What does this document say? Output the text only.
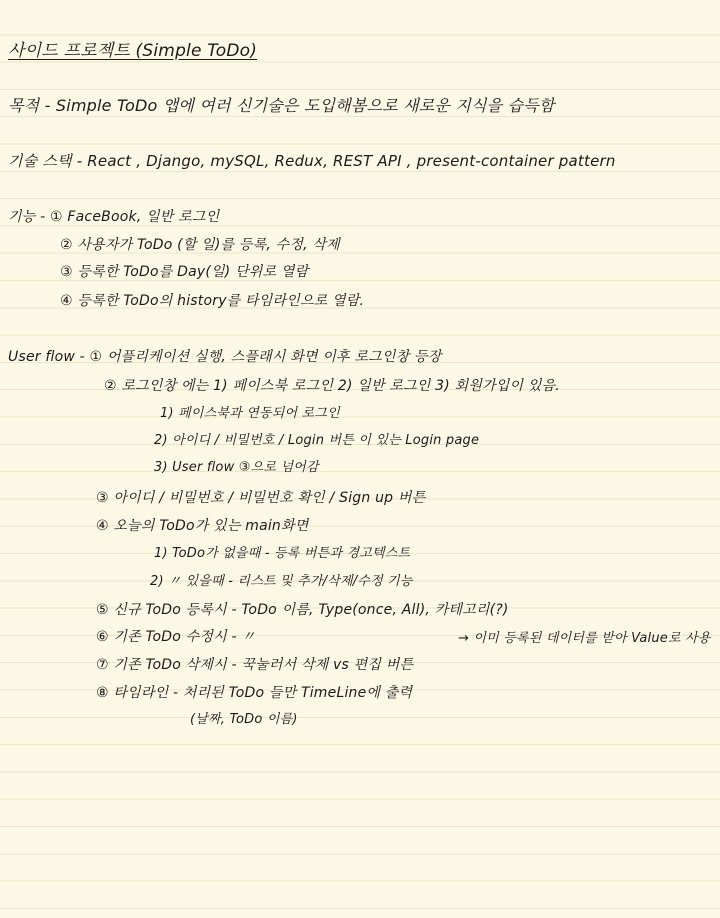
사이드 프로젝트 (Simple ToDo)
목적 - Simple ToDo 앱에 여러 신기술은 도입해봄으로 새로운 지식을 습득함
기술 스택 - React , Django, mySQL, Redux, REST API , present-container pattern
기능 - ① FaceBook, 일반 로그인
② 사용자가 ToDo (할 일)를 등록, 수정, 삭제
③ 등록한 ToDo를 Day(일) 단위로 열람
④ 등록한 ToDo의 history를 타임라인으로 열람.
User flow - ① 어플리케이션 실행, 스플래시 화면 이후 로그인창 등장
② 로그인창 에는 1) 페이스북 로그인 2) 일반 로그인 3) 회원가입이 있음.
1) 페이스북과 연동되어 로그인
2) 아이디 / 비밀번호 / Login 버튼 이 있는 Login page
3) User flow ③으로 넘어감
③ 아이디 / 비밀번호 / 비밀번호 확인 / Sign up 버튼
④ 오늘의 ToDo가 있는 main화면
1) ToDo가 없을때 - 등록 버튼과 경고텍스트
2) 〃 있을때 - 리스트 및 추가/삭제/수정 기능
⑤ 신규 ToDo 등록시 - ToDo 이름, Type(once, All), 카테고리(?)
⑥ 기존 ToDo 수정시 - 〃	→ 이미 등록된 데이터를 받아 Value로 사용
⑦ 기존 ToDo 삭제시 - 꾹눌러서 삭제 vs 편집 버튼
⑧ 타임라인 - 처리된 ToDo 들만 TimeLine에 출력
(날짜, ToDo 이름)
